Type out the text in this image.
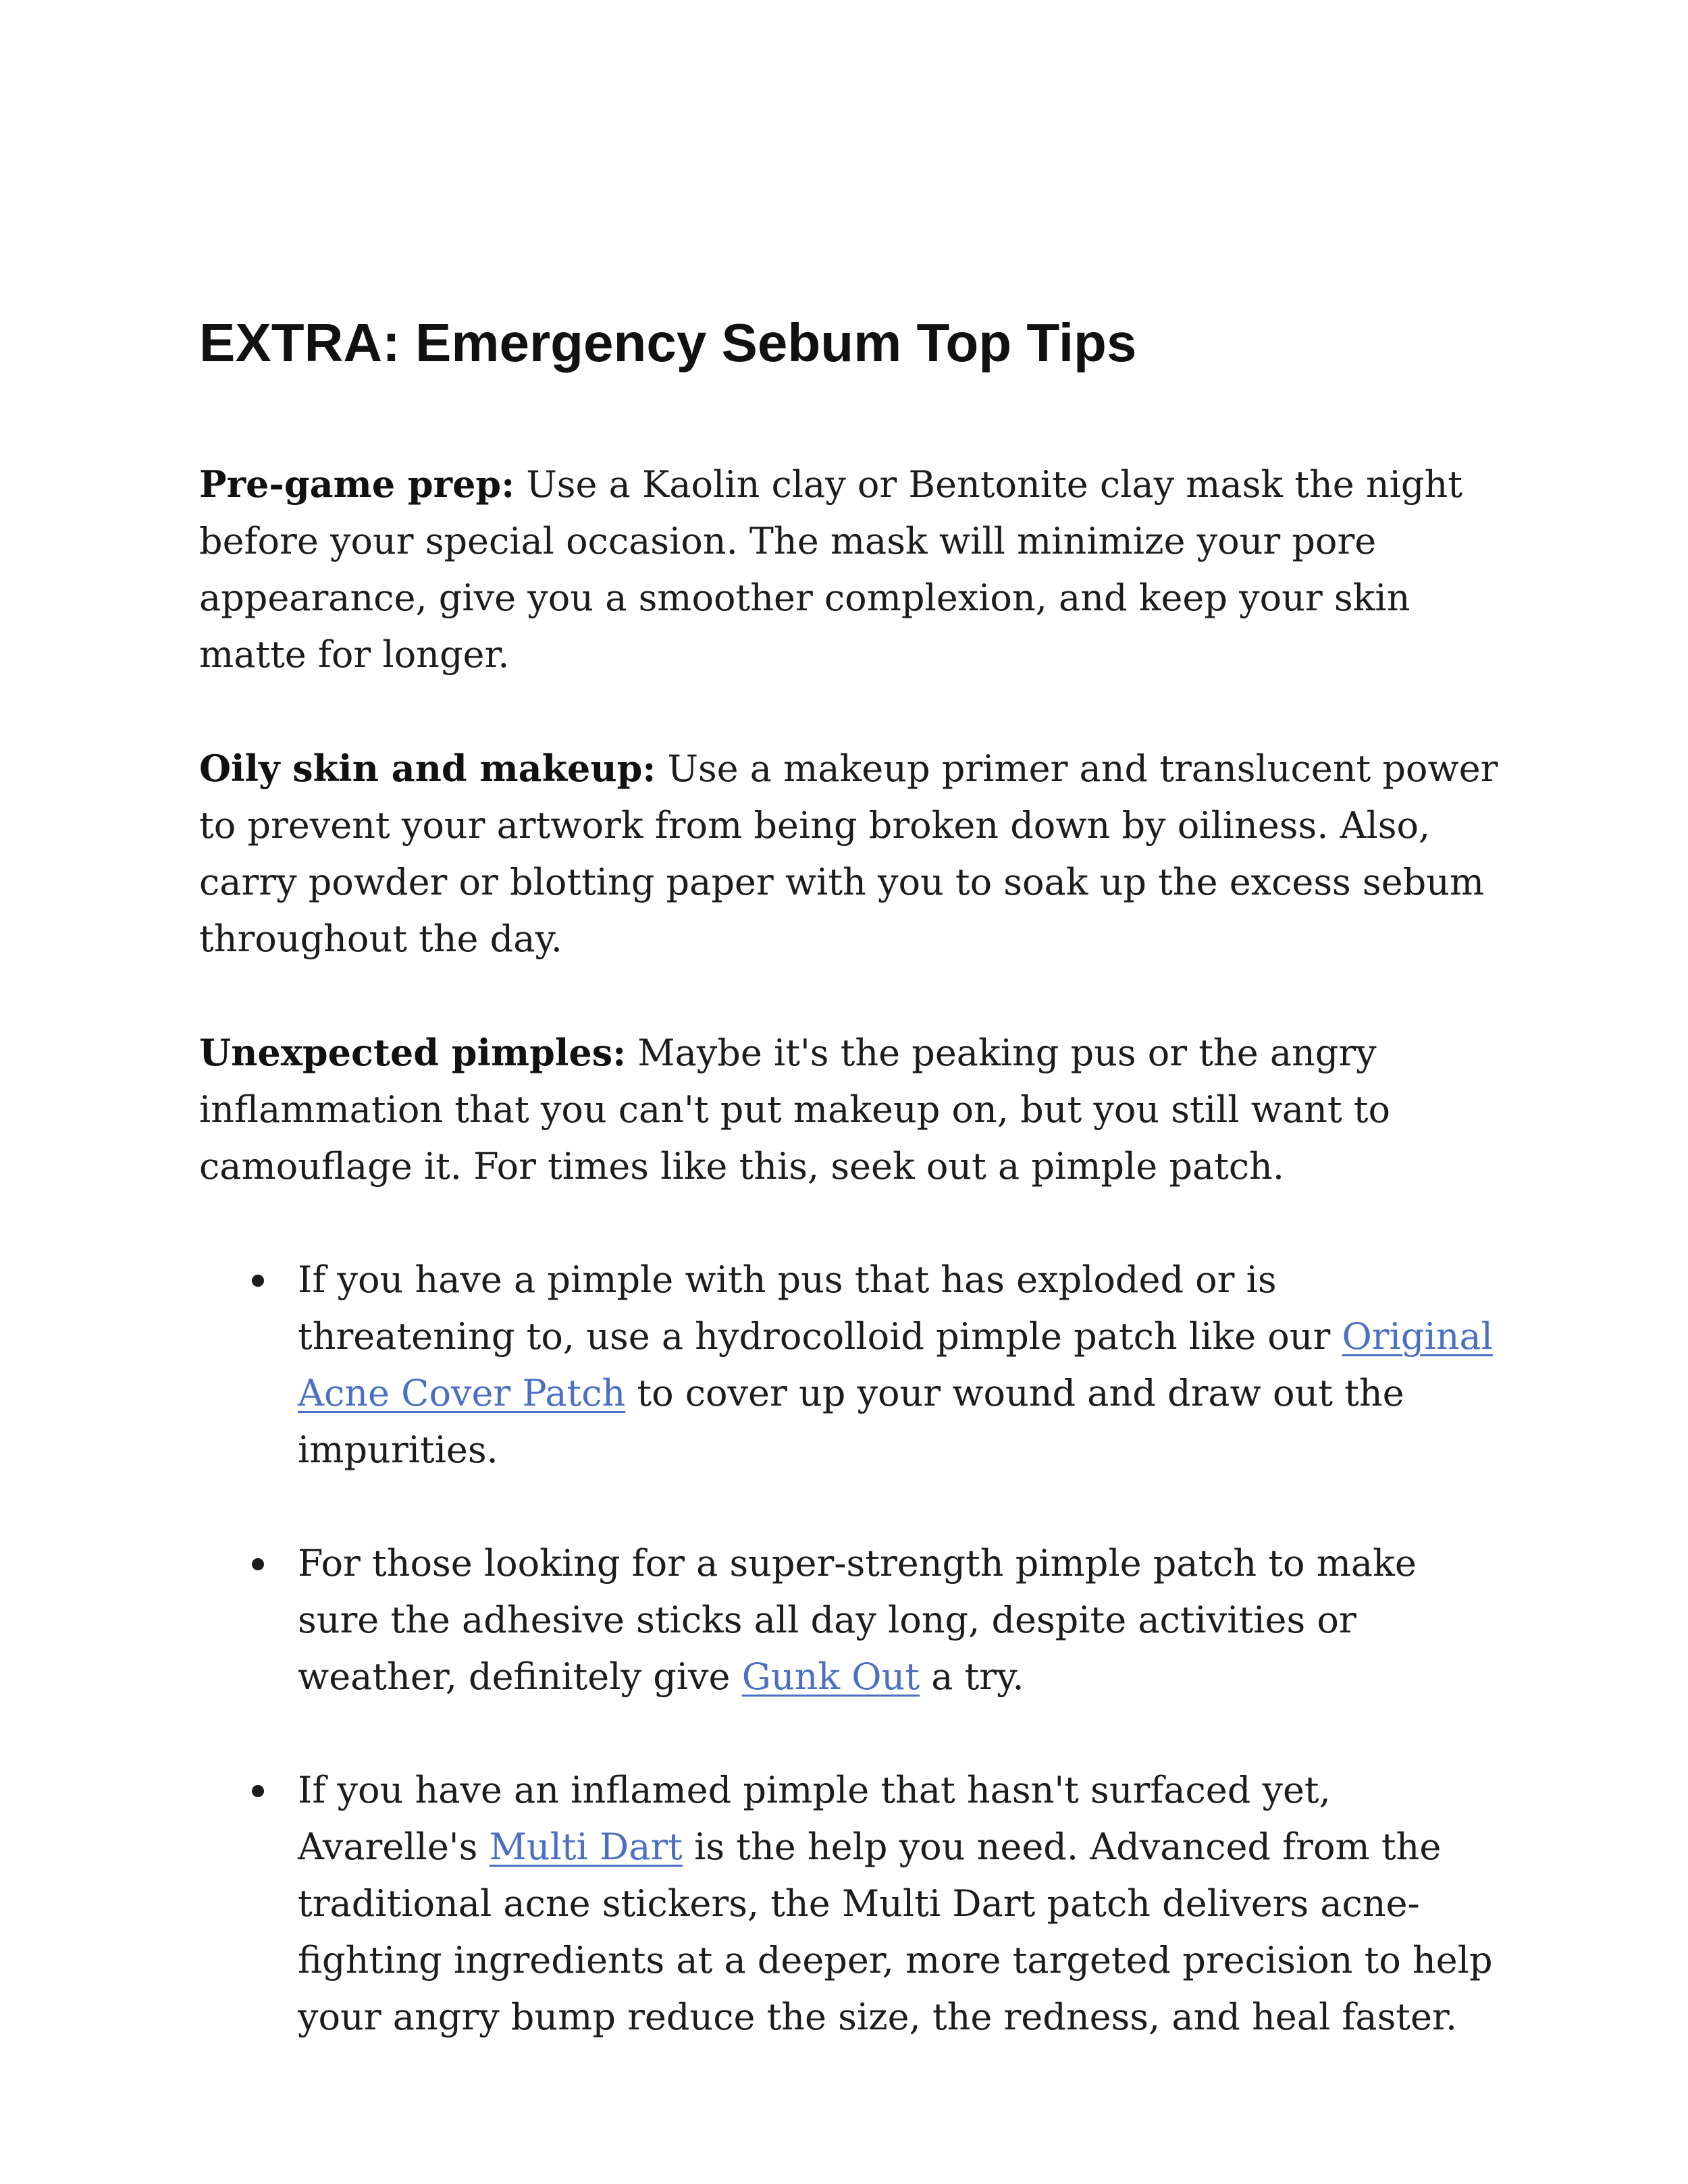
EXTRA: Emergency Sebum Top Tips

Pre-game prep: Use a Kaolin clay or Bentonite clay mask the night before your special occasion. The mask will minimize your pore appearance, give you a smoother complexion, and keep your skin matte for longer.

Oily skin and makeup: Use a makeup primer and translucent power to prevent your artwork from being broken down by oiliness. Also, carry powder or blotting paper with you to soak up the excess sebum throughout the day.

Unexpected pimples: Maybe it's the peaking pus or the angry inflammation that you can't put makeup on, but you still want to camouflage it. For times like this, seek out a pimple patch.

If you have a pimple with pus that has exploded or is threatening to, use a hydrocolloid pimple patch like our Original Acne Cover Patch to cover up your wound and draw out the impurities.
For those looking for a super-strength pimple patch to make sure the adhesive sticks all day long, despite activities or weather, definitely give Gunk Out a try.
If you have an inflamed pimple that hasn't surfaced yet, Avarelle's Multi Dart is the help you need. Advanced from the traditional acne stickers, the Multi Dart patch delivers acne-fighting ingredients at a deeper, more targeted precision to help your angry bump reduce the size, the redness, and heal faster.
